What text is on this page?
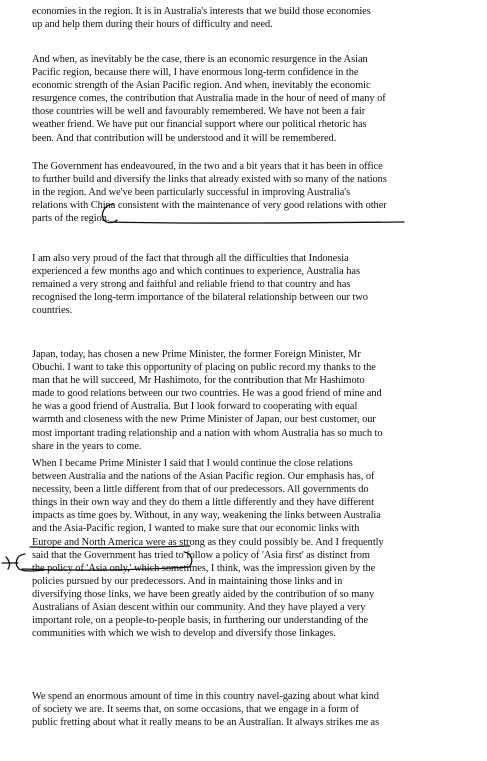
economies in the region. It is in Australia's interests that we build those economies
up and help them during their hours of difficulty and need.
And when, as inevitably be the case, there is an economic resurgence in the Asian
Pacific region, because there will, I have enormous long-term confidence in the
economic strength of the Asian Pacific region. And when, inevitably the economic
resurgence comes, the contribution that Australia made in the hour of need of many of
those countries will be well and favourably remembered. We have not been a fair
weather friend. We have put our financial support where our political rhetoric has
been. And that contribution will be understood and it will be remembered.
The Government has endeavoured, in the two and a bit years that it has been in office
to further build and diversify the links that already existed with so many of the nations
in the region. And we've been particularly successful in improving Australia's
relations with China consistent with the maintenance of very good relations with other
parts of the region.
I am also very proud of the fact that through all the difficulties that Indonesia
experienced a few months ago and which continues to experience, Australia has
remained a very strong and faithful and reliable friend to that country and has
recognised the long-term importance of the bilateral relationship between our two
countries.
Japan, today, has chosen a new Prime Minister, the former Foreign Minister, Mr
Obuchi. I want to take this opportunity of placing on public record my thanks to the
man that he will succeed, Mr Hashimoto, for the contribution that Mr Hashimoto
made to good relations between our two countries. He was a good friend of mine and
he was a good friend of Australia. But I look forward to cooperating with equal
warmth and closeness with the new Prime Minister of Japan, our best customer, our
most important trading relationship and a nation with whom Australia has so much to
share in the years to come.
When I became Prime Minister I said that I would continue the close relations
between Australia and the nations of the Asian Pacific region. Our emphasis has, of
necessity, been a little different from that of our predecessors. All governments do
things in their own way and they do them a little differently and they have different
impacts as time goes by. Without, in any way, weakening the links between Australia
and the Asia-Pacific region, I wanted to make sure that our economic links with
Europe and North America were as strong as they could possibly be. And I frequently
said that the Government has tried to follow a policy of 'Asia first' as distinct from
the policy of 'Asia only,' which sometimes, I think, was the impression given by the
policies pursued by our predecessors. And in maintaining those links and in
diversifying those links, we have been greatly aided by the contribution of so many
Australians of Asian descent within our community. And they have played a very
important role, on a people-to-people basis, in furthering our understanding of the
communities with which we wish to develop and diversify those linkages.
We spend an enormous amount of time in this country navel-gazing about what kind
of society we are. It seems that, on some occasions, that we engage in a form of
public fretting about what it really means to be an Australian. It always strikes me as
